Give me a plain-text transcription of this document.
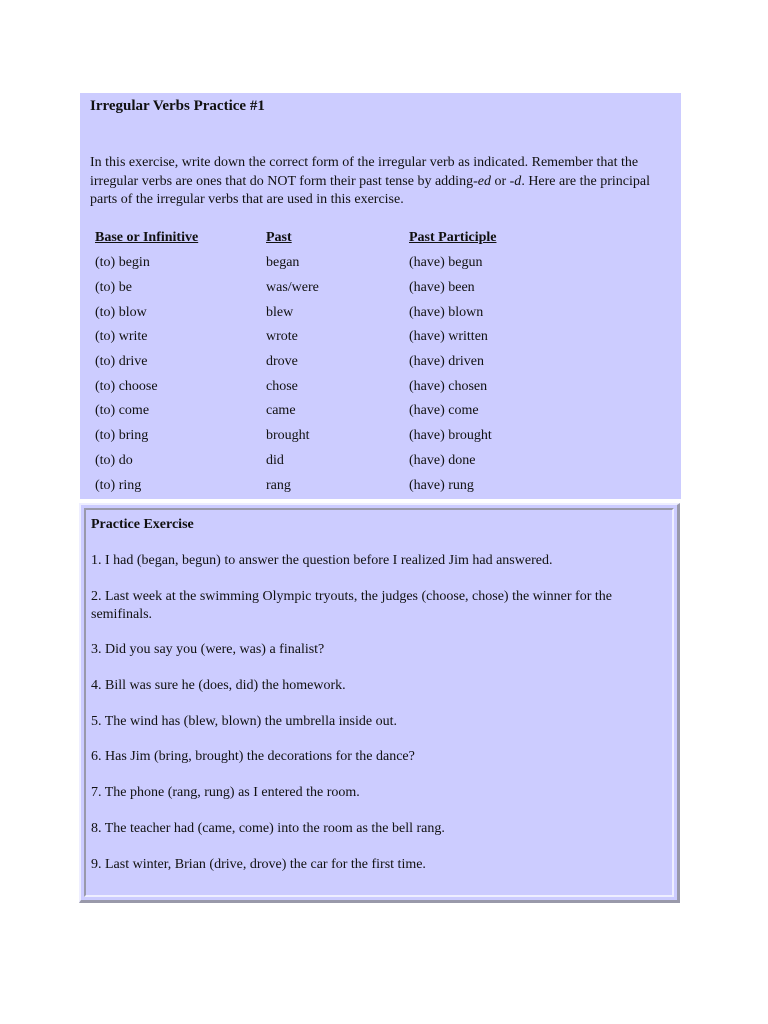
Irregular Verbs Practice #1

In this exercise, write down the correct form of the irregular verb as indicated. Remember that the irregular verbs are ones that do NOT form their past tense by adding-ed or -d. Here are the principal parts of the irregular verbs that are used in this exercise.

Base or Infinitive	Past	Past Participle
(to) begin	began	(have) begun
(to) be	was/were	(have) been
(to) blow	blew	(have) blown
(to) write	wrote	(have) written
(to) drive	drove	(have) driven
(to) choose	chose	(have) chosen
(to) come	came	(have) come
(to) bring	brought	(have) brought
(to) do	did	(have) done
(to) ring	rang	(have) rung
Practice Exercise
1. I had (began, begun) to answer the question before I realized Jim had answered.
2. Last week at the swimming Olympic tryouts, the judges (choose, chose) the winner for the semifinals.
3. Did you say you (were, was) a finalist?
4. Bill was sure he (does, did) the homework.
5. The wind has (blew, blown) the umbrella inside out.
6. Has Jim (bring, brought) the decorations for the dance?
7. The phone (rang, rung) as I entered the room.
8. The teacher had (came, come) into the room as the bell rang.
9. Last winter, Brian (drive, drove) the car for the first time.
